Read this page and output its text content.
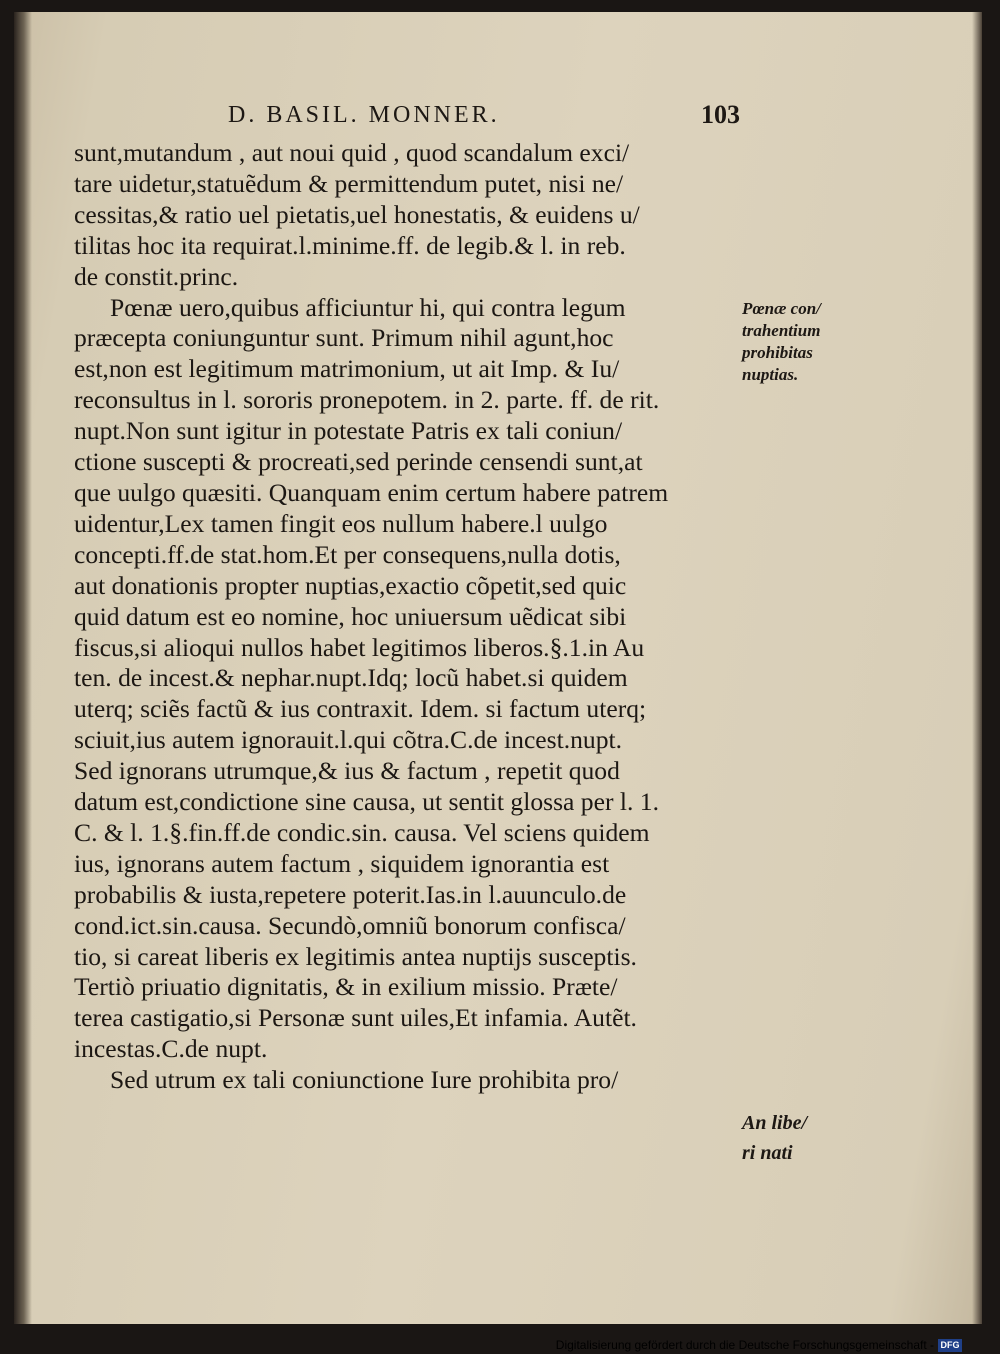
D. BASIL. MONNER.	103
sunt,mutandum , aut noui quid , quod scandalum exci/
tare uidetur,statuẽdum & permittendum putet, nisi ne/
cessitas,& ratio uel pietatis,uel honestatis, & euidens u/
tilitas hoc ita requirat.l.minime.ff. de legib.& l. in reb.
de constit.princ.
Pœnæ uero,quibus afficiuntur hi, qui contra legum
præcepta coniunguntur sunt. Primum nihil agunt,hoc
est,non est legitimum matrimonium, ut ait Imp. & Iu/
reconsultus in l. sororis pronepotem. in 2. parte. ff. de rit.
nupt.Non sunt igitur in potestate Patris ex tali coniun/
ctione suscepti & procreati,sed perinde censendi sunt,at
que uulgo quæsiti. Quanquam enim certum habere patrem
uidentur,Lex tamen fingit eos nullum habere.l uulgo
concepti.ff.de stat.hom.Et per consequens,nulla dotis,
aut donationis propter nuptias,exactio cõpetit,sed quic
quid datum est eo nomine, hoc uniuersum uẽdicat sibi
fiscus,si alioqui nullos habet legitimos liberos.§.1.in Au
ten. de incest.& nephar.nupt.Idq; locũ habet.si quidem
uterq; sciẽs factũ & ius contraxit. Idem. si factum uterq;
sciuit,ius autem ignorauit.l.qui cõtra.C.de incest.nupt.
Sed ignorans utrumque,& ius & factum , repetit quod
datum est,condictione sine causa, ut sentit glossa per l. 1.
C. & l. 1.§.fin.ff.de condic.sin. causa. Vel sciens quidem
ius, ignorans autem factum , siquidem ignorantia est
probabilis & iusta,repetere poterit.Ias.in l.auunculo.de
cond.ict.sin.causa. Secundò,omniũ bonorum confisca/
tio, si careat liberis ex legitimis antea nuptijs susceptis.
Tertiò priuatio dignitatis, & in exilium missio. Præte/
terea castigatio,si Personæ sunt uiles,Et infamia. Autẽt.
incestas.C.de nupt.
Sed utrum ex tali coniunctione Iure prohibita pro/
Pœnæ con/
trahentium
prohibitas
nuptias.
An libe/
ri nati
Digitalisierung gefördert durch die Deutsche Forschungsgemeinschaft - DFG
